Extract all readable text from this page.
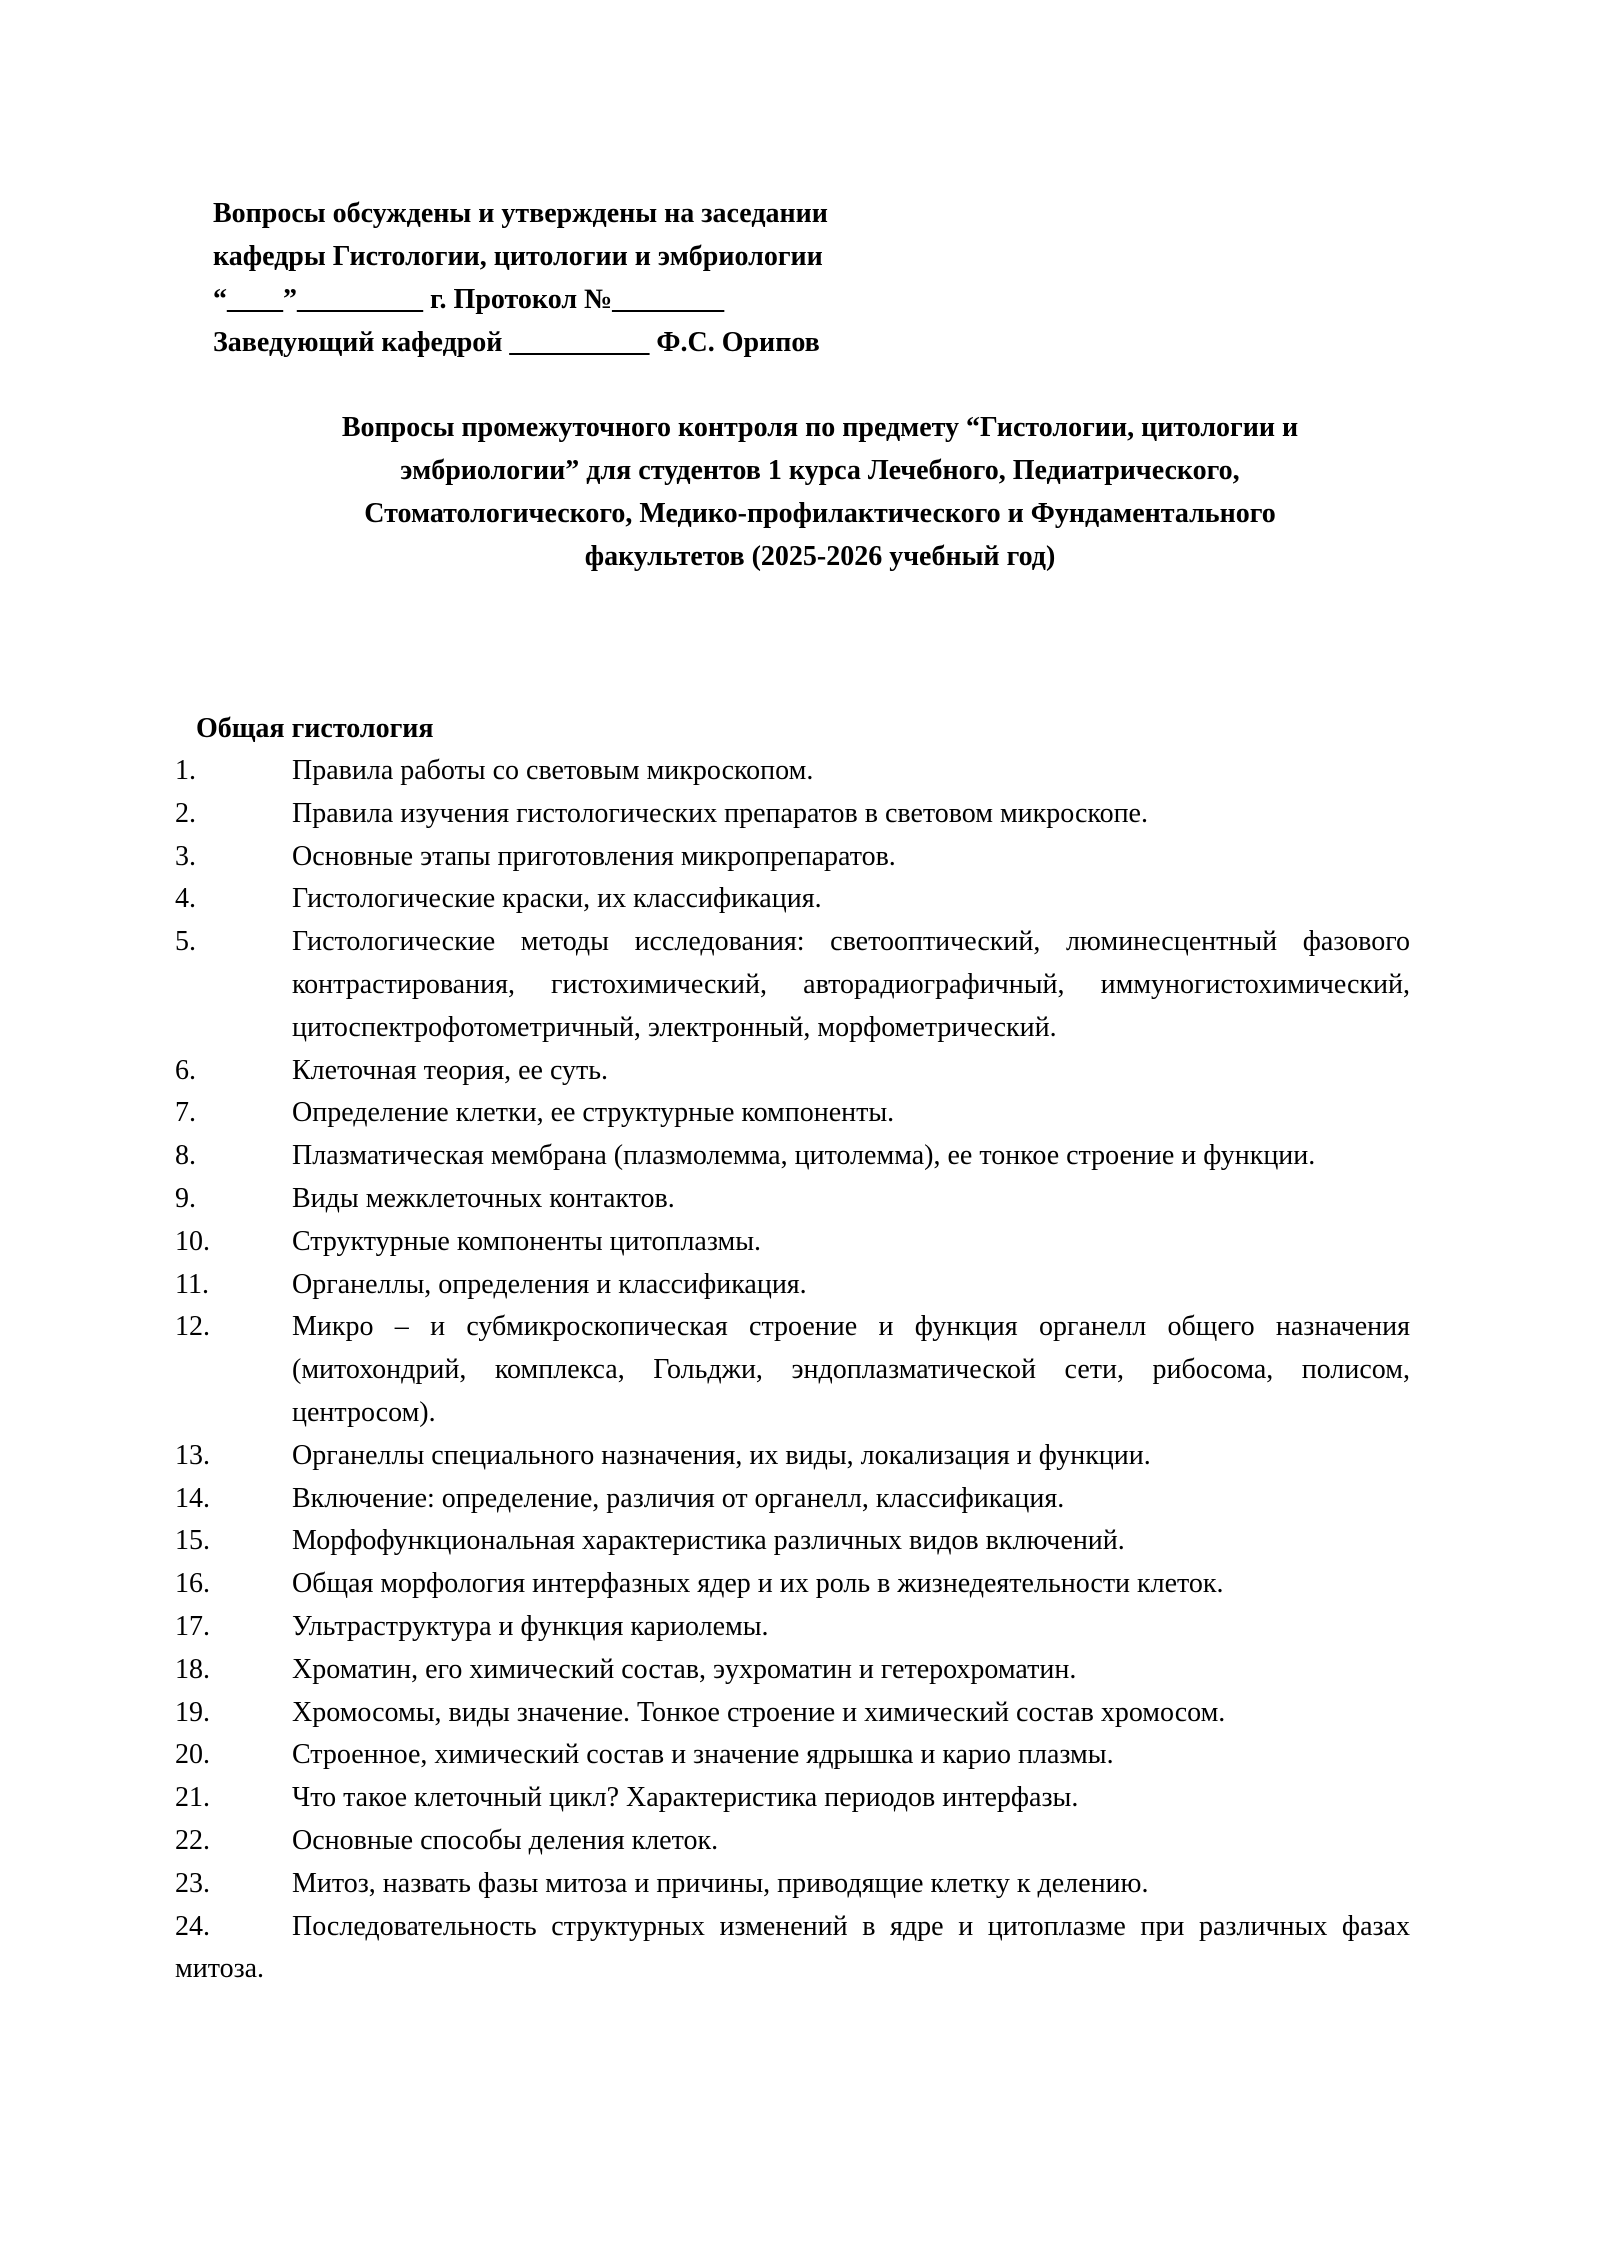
Вопросы обсуждены и утверждены на заседании
кафедры Гистологии, цитологии и эмбриологии
“____”_________ г. Протокол №________
Заведующий кафедрой __________ Ф.С. Орипов
Вопросы промежуточного контроля по предмету “Гистологии, цитологии и
эмбриологии” для студентов 1 курса Лечебного, Педиатрического,
Стоматологического, Медико-профилактического и Фундаментального
факультетов (2025-2026 учебный год)
Общая гистология
1.	Правила работы со световым микроскопом.
2.	Правила изучения гистологических препаратов в световом микроскопе.
3.	Основные этапы приготовления микропрепаратов.
4.	Гистологические краски, их классификация.
5.	Гистологические методы исследования: светооптический, люминесцентный фазового контрастирования, гистохимический, авторадиографичный, иммуногистохимический, цитоспектрофотометричный, электронный, морфометрический.
6.	Клеточная теория, ее суть.
7.	Определение клетки, ее структурные компоненты.
8.	Плазматическая мембрана (плазмолемма, цитолемма), ее тонкое строение и функции.
9.	Виды межклеточных контактов.
10.	Структурные компоненты цитоплазмы.
11.	Органеллы, определения и классификация.
12.	Микро – и субмикроскопическая строение и функция органелл общего назначения (митохондрий, комплекса, Гольджи, эндоплазматической сети, рибосома, полисом, центросом).
13.	Органеллы специального назначения, их виды, локализация и функции.
14.	Включение: определение, различия от органелл, классификация.
15.	Морфофункциональная характеристика различных видов включений.
16.	Общая морфология интерфазных ядер и их роль в жизнедеятельности клеток.
17.	Ультраструктура и функция кариолемы.
18.	Хроматин, его химический состав, эухроматин и гетерохроматин.
19.	Хромосомы, виды значение. Тонкое строение и химический состав хромосом.
20.	Строенное, химический состав и значение ядрышка и карио плазмы.
21.	Что такое клеточный цикл? Характеристика периодов интерфазы.
22.	Основные способы деления клеток.
23.	Митоз, назвать фазы митоза и причины, приводящие клетку к делению.
24.	Последовательность структурных изменений в ядре и цитоплазме при различных фазах митоза.
